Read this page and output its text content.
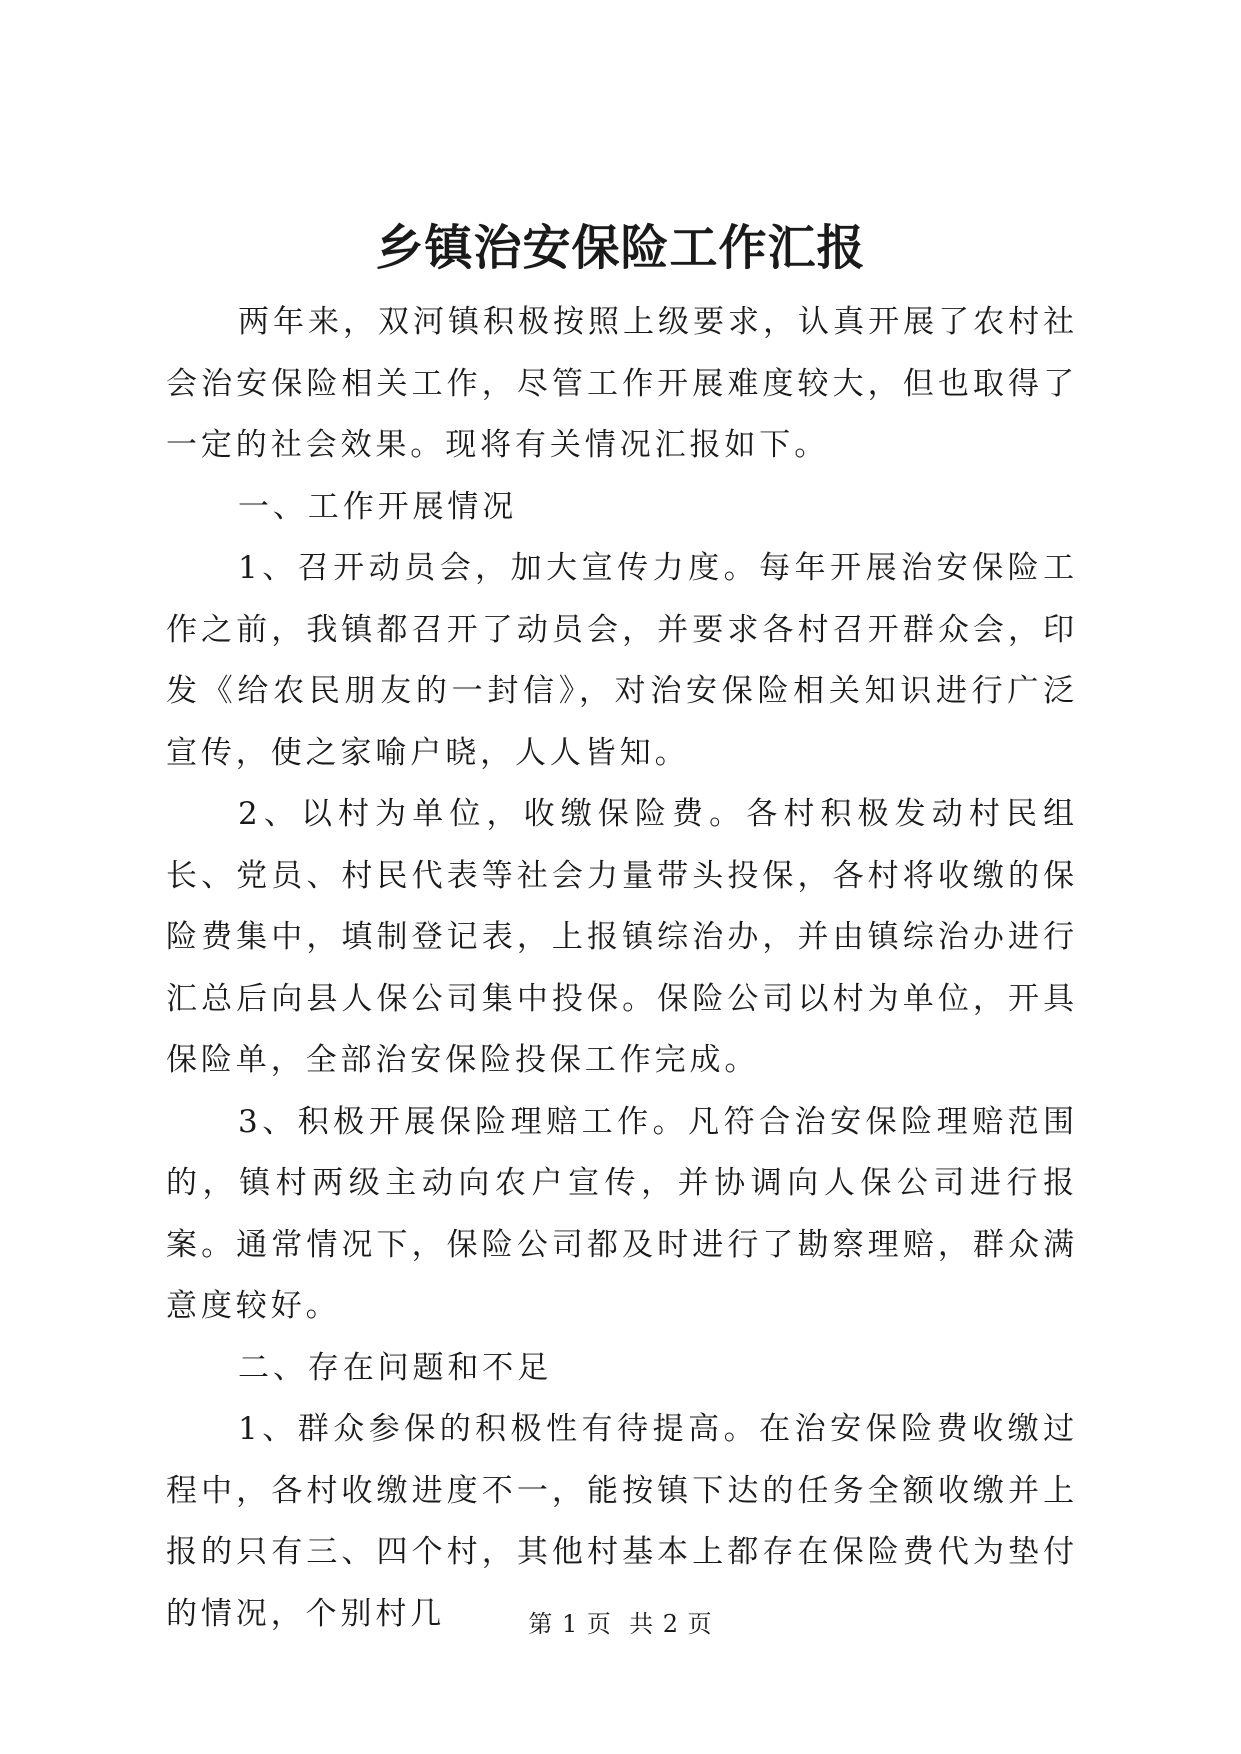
乡镇治安保险工作汇报

两年来，双河镇积极按照上级要求，认真开展了农村社会治安保险相关工作，尽管工作开展难度较大，但也取得了一定的社会效果。现将有关情况汇报如下。

一、工作开展情况

1、召开动员会，加大宣传力度。每年开展治安保险工作之前，我镇都召开了动员会，并要求各村召开群众会，印发《给农民朋友的一封信》，对治安保险相关知识进行广泛宣传，使之家喻户晓，人人皆知。

2、以村为单位，收缴保险费。各村积极发动村民组长、党员、村民代表等社会力量带头投保，各村将收缴的保险费集中，填制登记表，上报镇综治办，并由镇综治办进行汇总后向县人保公司集中投保。保险公司以村为单位，开具保险单，全部治安保险投保工作完成。

3、积极开展保险理赔工作。凡符合治安保险理赔范围的，镇村两级主动向农户宣传，并协调向人保公司进行报案。通常情况下，保险公司都及时进行了勘察理赔，群众满意度较好。

二、存在问题和不足

1、群众参保的积极性有待提高。在治安保险费收缴过程中，各村收缴进度不一，能按镇下达的任务全额收缴并上报的只有三、四个村，其他村基本上都存在保险费代为垫付的情况，个别村几	第 1 页  共 2 页
